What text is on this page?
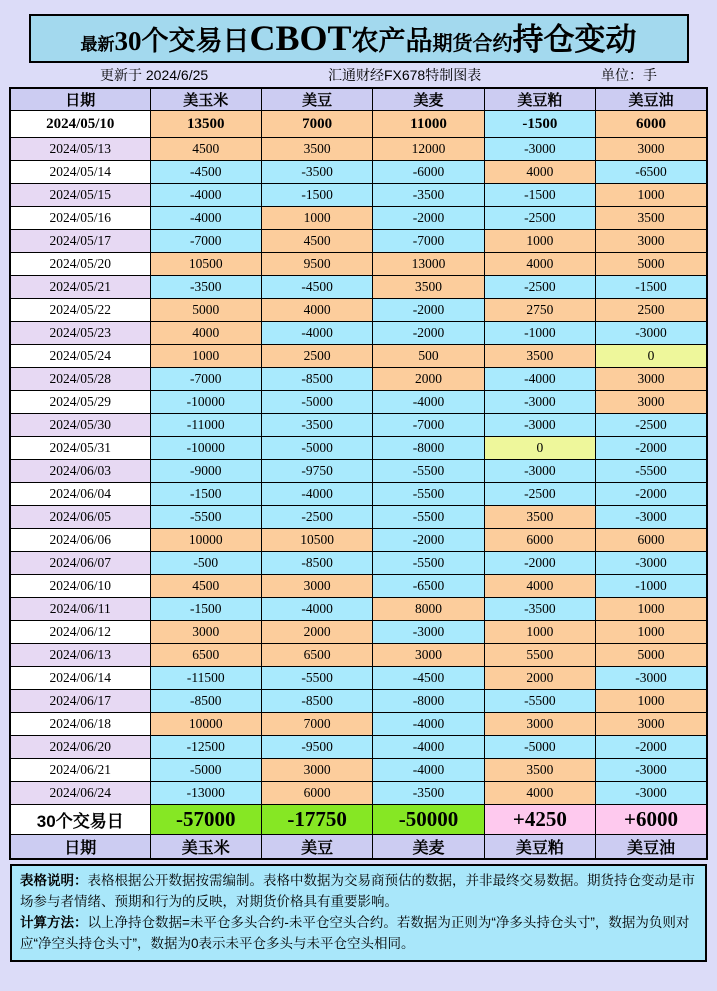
最新30个交易日CBOT农产品期货合约持仓变动
更新于 2024/6/25	汇通财经FX678特制图表	单位：手
日期	美玉米	美豆	美麦	美豆粕	美豆油
2024/05/10	13500	7000	11000	-1500	6000
2024/05/13	4500	3500	12000	-3000	3000
2024/05/14	-4500	-3500	-6000	4000	-6500
2024/05/15	-4000	-1500	-3500	-1500	1000
2024/05/16	-4000	1000	-2000	-2500	3500
2024/05/17	-7000	4500	-7000	1000	3000
2024/05/20	10500	9500	13000	4000	5000
2024/05/21	-3500	-4500	3500	-2500	-1500
2024/05/22	5000	4000	-2000	2750	2500
2024/05/23	4000	-4000	-2000	-1000	-3000
2024/05/24	1000	2500	500	3500	0
2024/05/28	-7000	-8500	2000	-4000	3000
2024/05/29	-10000	-5000	-4000	-3000	3000
2024/05/30	-11000	-3500	-7000	-3000	-2500
2024/05/31	-10000	-5000	-8000	0	-2000
2024/06/03	-9000	-9750	-5500	-3000	-5500
2024/06/04	-1500	-4000	-5500	-2500	-2000
2024/06/05	-5500	-2500	-5500	3500	-3000
2024/06/06	10000	10500	-2000	6000	6000
2024/06/07	-500	-8500	-5500	-2000	-3000
2024/06/10	4500	3000	-6500	4000	-1000
2024/06/11	-1500	-4000	8000	-3500	1000
2024/06/12	3000	2000	-3000	1000	1000
2024/06/13	6500	6500	3000	5500	5000
2024/06/14	-11500	-5500	-4500	2000	-3000
2024/06/17	-8500	-8500	-8000	-5500	1000
2024/06/18	10000	7000	-4000	3000	3000
2024/06/20	-12500	-9500	-4000	-5000	-2000
2024/06/21	-5000	3000	-4000	3500	-3000
2024/06/24	-13000	6000	-3500	4000	-3000
30个交易日	-57000	-17750	-50000	+4250	+6000
日期	美玉米	美豆	美麦	美豆粕	美豆油
表格说明：表格根据公开数据按需编制。表格中数据为交易商预估的数据，并非最终交易数据。期货持仓变动是市场参与者情绪、预期和行为的反映，对期货价格具有重要影响。
计算方法：以上净持仓数据=未平仓多头合约-未平仓空头合约。若数据为正则为“净多头持仓头寸”，数据为负则对应“净空头持仓头寸”，数据为0表示未平仓多头与未平仓空头相同。
